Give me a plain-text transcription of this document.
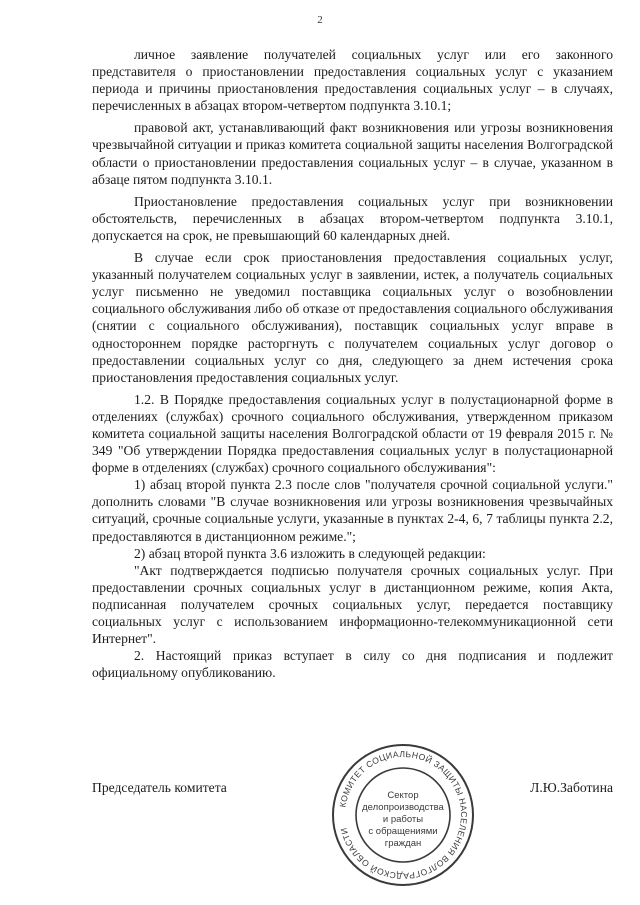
2

личное заявление получателей социальных услуг или его законного представителя о приостановлении предоставления социальных услуг с указанием периода и причины приостановления предоставления социальных услуг – в случаях, перечисленных в абзацах втором-четвертом подпункта 3.10.1;

правовой акт, устанавливающий факт возникновения или угрозы возникновения чрезвычайной ситуации и приказ комитета социальной защиты населения Волгоградской области о приостановлении предоставления социальных услуг – в случае, указанном в абзаце пятом подпункта 3.10.1.

Приостановление предоставления социальных услуг при возникновении обстоятельств, перечисленных в абзацах втором-четвертом подпункта 3.10.1, допускается на срок, не превышающий 60 календарных дней.

В случае если срок приостановления предоставления социальных услуг, указанный получателем социальных услуг в заявлении, истек, а получатель социальных услуг письменно не уведомил поставщика социальных услуг о возобновлении социального обслуживания либо об отказе от предоставления социального обслуживания (снятии с социального обслуживания), поставщик социальных услуг вправе в одностороннем порядке расторгнуть с получателем социальных услуг договор о предоставлении социальных услуг со дня, следующего за днем истечения срока приостановления предоставления социальных услуг.

1.2. В Порядке предоставления социальных услуг в полустационарной форме в отделениях (службах) срочного социального обслуживания, утвержденном приказом комитета социальной защиты населения Волгоградской области от 19 февраля 2015 г. № 349 "Об утверждении Порядка предоставления социальных услуг в полустационарной форме в отделениях (службах) срочного социального обслуживания":

1) абзац второй пункта 2.3 после слов "получателя срочной социальной услуги." дополнить словами "В случае возникновения или угрозы возникновения чрезвычайных ситуаций, срочные социальные услуги, указанные в пунктах 2-4, 6, 7 таблицы пункта 2.2, предоставляются в дистанционном режиме.";

2) абзац второй пункта 3.6 изложить в следующей редакции:

"Акт подтверждается подписью получателя срочных социальных услуг. При предоставлении срочных социальных услуг в дистанционном режиме, копия Акта, подписанная получателем срочных социальных услуг, передается поставщику социальных услуг с использованием информационно-телекоммуникационной сети Интернет".

2. Настоящий приказ вступает в силу со дня подписания и подлежит официальному опубликованию.

Председатель комитета	Л.Ю.Заботина
КОМИТЕТ СОЦИАЛЬНОЙ ЗАЩИТЫ НАСЕЛЕНИЯ ВОЛГОГРАДСКОЙ ОБЛАСТИ
Сектор
делопроизводства
и работы
с обращениями
граждан
